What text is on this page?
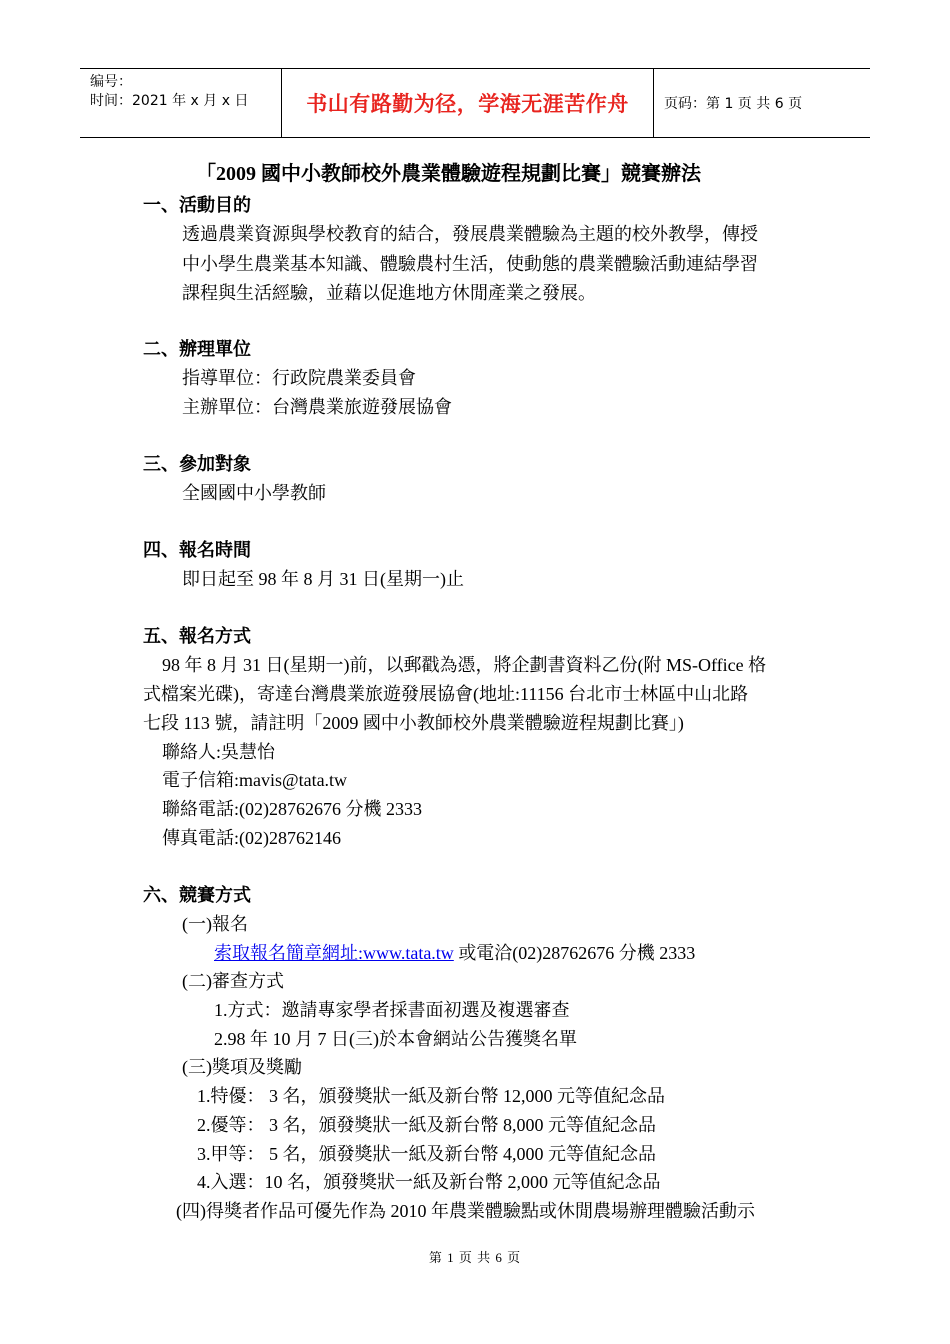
编号：
时间：2021 年 x 月 x 日	书山有路勤为径，学海无涯苦作舟	页码：第 1 页 共 6 页
「2009 國中小教師校外農業體驗遊程規劃比賽」競賽辦法
一、活動目的
透過農業資源與學校教育的結合，發展農業體驗為主題的校外教學，傳授
中小學生農業基本知識、體驗農村生活，使動態的農業體驗活動連結學習
課程與生活經驗，並藉以促進地方休閒產業之發展。
二、辦理單位
指導單位：行政院農業委員會
主辦單位：台灣農業旅遊發展協會
三、參加對象
全國國中小學教師
四、報名時間
即日起至 98 年 8 月 31 日(星期一)止
五、報名方式
98 年 8 月 31 日(星期一)前，以郵戳為憑，將企劃書資料乙份(附 MS-Office 格
式檔案光碟)，寄達台灣農業旅遊發展協會(地址:11156 台北市士林區中山北路
七段 113 號，請註明「2009 國中小教師校外農業體驗遊程規劃比賽」)
聯絡人:吳慧怡
電子信箱:mavis@tata.tw
聯絡電話:(02)28762676 分機 2333
傳真電話:(02)28762146
六、競賽方式
(一)報名
索取報名簡章網址:www.tata.tw 或電洽(02)28762676 分機 2333
(二)審查方式
1.方式：邀請專家學者採書面初選及複選審查
2.98 年 10 月 7 日(三)於本會網站公告獲獎名單
(三)獎項及獎勵
1.特優： 3 名，頒發獎狀一紙及新台幣 12,000 元等值紀念品
2.優等： 3 名，頒發獎狀一紙及新台幣 8,000 元等值紀念品
3.甲等： 5 名，頒發獎狀一紙及新台幣 4,000 元等值紀念品
4.入選：10 名，頒發獎狀一紙及新台幣 2,000 元等值紀念品
(四)得獎者作品可優先作為 2010 年農業體驗點或休閒農場辦理體驗活動示
第 1 页 共 6 页
